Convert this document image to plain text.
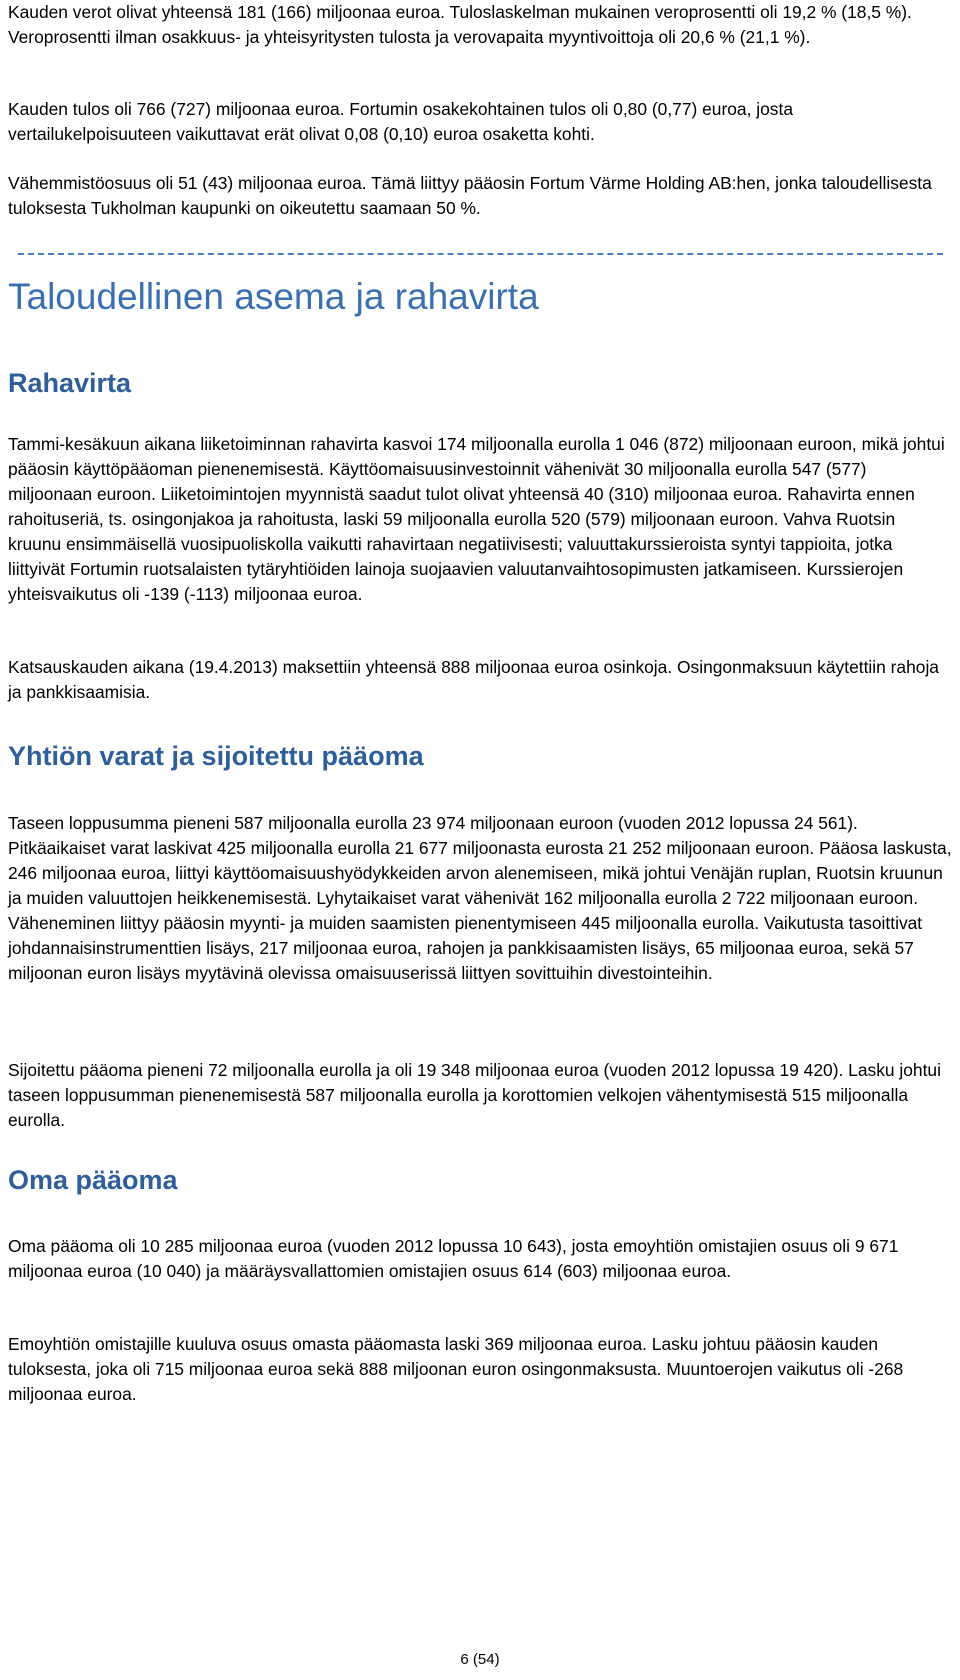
Kauden verot olivat yhteensä 181 (166) miljoonaa euroa. Tuloslaskelman mukainen veroprosentti oli 19,2 % (18,5 %). Veroprosentti ilman osakkuus- ja yhteisyritysten tulosta ja verovapaita myyntivoittoja oli 20,6 % (21,1 %).

Kauden tulos oli 766 (727) miljoonaa euroa. Fortumin osakekohtainen tulos oli 0,80 (0,77) euroa, josta vertailukelpoisuuteen vaikuttavat erät olivat 0,08 (0,10) euroa osaketta kohti.

Vähemmistöosuus oli 51 (43) miljoonaa euroa. Tämä liittyy pääosin Fortum Värme Holding AB:hen, jonka taloudellisesta tuloksesta Tukholman kaupunki on oikeutettu saamaan 50 %.

Taloudellinen asema ja rahavirta
Rahavirta

Tammi-kesäkuun aikana liiketoiminnan rahavirta kasvoi 174 miljoonalla eurolla 1 046 (872) miljoonaan euroon, mikä johtui pääosin käyttöpääoman pienenemisestä. Käyttöomaisuusinvestoinnit vähenivät 30 miljoonalla eurolla 547 (577) miljoonaan euroon. Liiketoimintojen myynnistä saadut tulot olivat yhteensä 40 (310) miljoonaa euroa. Rahavirta ennen rahoituseriä, ts. osingonjakoa ja rahoitusta, laski 59 miljoonalla eurolla 520 (579) miljoonaan euroon. Vahva Ruotsin kruunu ensimmäisellä vuosipuoliskolla vaikutti rahavirtaan negatiivisesti; valuuttakurssieroista syntyi tappioita, jotka liittyivät Fortumin ruotsalaisten tytäryhtiöiden lainoja suojaavien valuutanvaihtosopimusten jatkamiseen. Kurssierojen yhteisvaikutus oli -139 (-113) miljoonaa euroa.

Katsauskauden aikana (19.4.2013) maksettiin yhteensä 888 miljoonaa euroa osinkoja. Osingonmaksuun käytettiin rahoja ja pankkisaamisia.

Yhtiön varat ja sijoitettu pääoma

Taseen loppusumma pieneni 587 miljoonalla eurolla 23 974 miljoonaan euroon (vuoden 2012 lopussa 24 561). Pitkäaikaiset varat laskivat 425 miljoonalla eurolla 21 677 miljoonasta eurosta 21 252 miljoonaan euroon. Pääosa laskusta, 246 miljoonaa euroa, liittyi käyttöomaisuushyödykkeiden arvon alenemiseen, mikä johtui Venäjän ruplan, Ruotsin kruunun ja muiden valuuttojen heikkenemisestä. Lyhytaikaiset varat vähenivät 162 miljoonalla eurolla 2 722 miljoonaan euroon. Väheneminen liittyy pääosin myynti- ja muiden saamisten pienentymiseen 445 miljoonalla eurolla. Vaikutusta tasoittivat johdannaisinstrumenttien lisäys, 217 miljoonaa euroa, rahojen ja pankkisaamisten lisäys, 65 miljoonaa euroa, sekä 57 miljoonan euron lisäys myytävinä olevissa omaisuuserissä liittyen sovittuihin divestointeihin.

Sijoitettu pääoma pieneni 72 miljoonalla eurolla ja oli 19 348 miljoonaa euroa (vuoden 2012 lopussa 19 420). Lasku johtui taseen loppusumman pienenemisestä 587 miljoonalla eurolla ja korottomien velkojen vähentymisestä 515 miljoonalla eurolla.

Oma pääoma

Oma pääoma oli 10 285 miljoonaa euroa (vuoden 2012 lopussa 10 643), josta emoyhtiön omistajien osuus oli 9 671 miljoonaa euroa (10 040) ja määräysvallattomien omistajien osuus 614 (603) miljoonaa euroa.

Emoyhtiön omistajille kuuluva osuus omasta pääomasta laski 369 miljoonaa euroa. Lasku johtuu pääosin kauden tuloksesta, joka oli 715 miljoonaa euroa sekä 888 miljoonan euron osingonmaksusta. Muuntoerojen vaikutus oli -268 miljoonaa euroa.

6 (54)
